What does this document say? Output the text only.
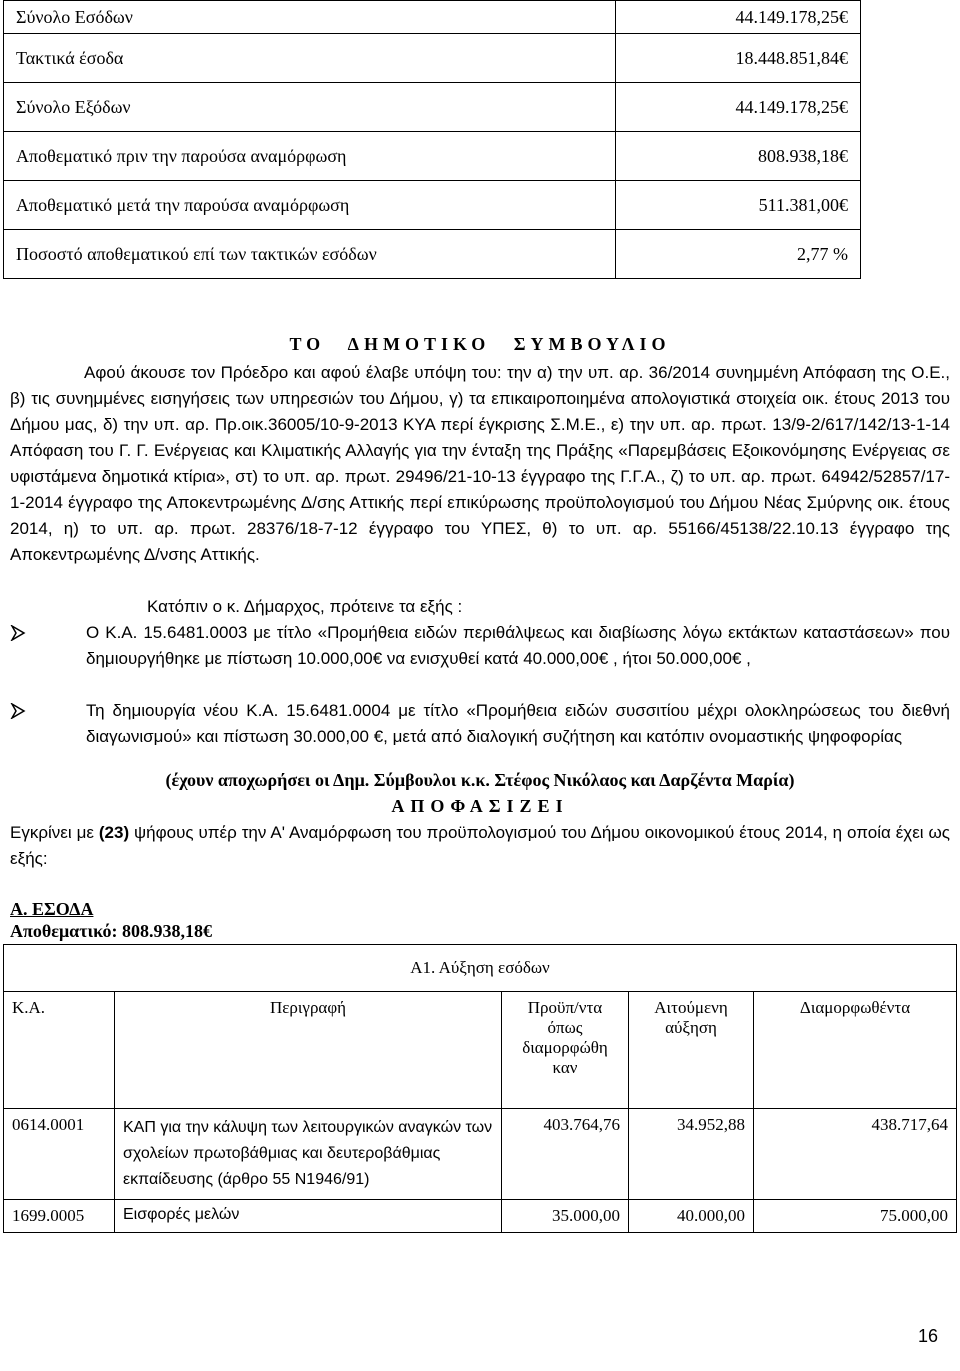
Σύνολο Εσόδων	44.149.178,25€
Τακτικά έσοδα	18.448.851,84€
Σύνολο Εξόδων	44.149.178,25€
Αποθεματικό πριν την παρούσα αναμόρφωση	808.938,18€
Αποθεματικό μετά την παρούσα αναμόρφωση	511.381,00€
Ποσοστό αποθεματικού επί των τακτικών εσόδων	2,77 %
ΤΟ ΔΗΜΟΤΙΚΟ ΣΥΜΒΟΥΛΙΟ
Αφού άκουσε τον Πρόεδρο και αφού έλαβε υπόψη του: την α) την υπ. αρ. 36/2014 συνημμένη Απόφαση της Ο.Ε., β) τις συνημμένες εισηγήσεις των υπηρεσιών του Δήμου, γ) τα επικαιροποιημένα απολογιστικά στοιχεία οικ. έτους 2013 του Δήμου μας, δ) την υπ. αρ. Πρ.οικ.36005/10-9-2013 ΚΥΑ περί έγκρισης Σ.Μ.Ε., ε) την υπ. αρ. πρωτ. 13/9-2/617/142/13-1-14 Απόφαση του Γ. Γ. Ενέργειας και Κλιματικής Αλλαγής για την ένταξη της Πράξης «Παρεμβάσεις Εξοικονόμησης Ενέργειας σε υφιστάμενα δημοτικά κτίρια», στ) το υπ. αρ. πρωτ. 29496/21-10-13 έγγραφο της Γ.Γ.Α., ζ) το υπ. αρ. πρωτ. 64942/52857/17-1-2014 έγγραφο της Αποκεντρωμένης Δ/σης Αττικής περί επικύρωσης προϋπολογισμού του Δήμου Νέας Σμύρνης οικ. έτους 2014, η) το υπ. αρ. πρωτ. 28376/18-7-12 έγγραφο του ΥΠΕΣ, θ) το υπ. αρ. 55166/45138/22.10.13 έγγραφο της Αποκεντρωμένης Δ/νσης Αττικής.
Κατόπιν ο κ. Δήμαρχος, πρότεινε τα εξής :
Ο Κ.Α. 15.6481.0003 με τίτλο «Προμήθεια ειδών περιθάλψεως και διαβίωσης λόγω εκτάκτων καταστάσεων» που δημιουργήθηκε με πίστωση 10.000,00€ να ενισχυθεί κατά 40.000,00€ , ήτοι 50.000,00€ ,
Τη δημιουργία νέου Κ.Α. 15.6481.0004 με τίτλο «Προμήθεια ειδών συσσιτίου μέχρι ολοκληρώσεως του διεθνή διαγωνισμού» και πίστωση 30.000,00 €, μετά από διαλογική συζήτηση και κατόπιν ονομαστικής ψηφοφορίας
(έχουν αποχωρήσει οι Δημ. Σύμβουλοι κ.κ. Στέφος Νικόλαος και Δαρζέντα Μαρία)
ΑΠΟΦΑΣΙΖΕΙ
Εγκρίνει με (23) ψήφους υπέρ την Α' Αναμόρφωση του προϋπολογισμού του Δήμου οικονομικού έτους 2014, η οποία έχει ως εξής:
Α. ΕΣΟΔΑ
Αποθεματικό: 808.938,18€
Α1. Αύξηση εσόδων				
Κ.Α.	Περιγραφή	Προϋπ/ντα όπως διαμορφώθη καν	Αιτούμενη αύξηση	Διαμορφωθέντα
0614.0001	ΚΑΠ για την κάλυψη των λειτουργικών αναγκών των σχολείων πρωτοβάθμιας και δευτεροβάθμιας εκπαίδευσης (άρθρο 55 Ν1946/91)	403.764,76	34.952,88	438.717,64
1699.0005	Εισφορές μελών	35.000,00	40.000,00	75.000,00
16
